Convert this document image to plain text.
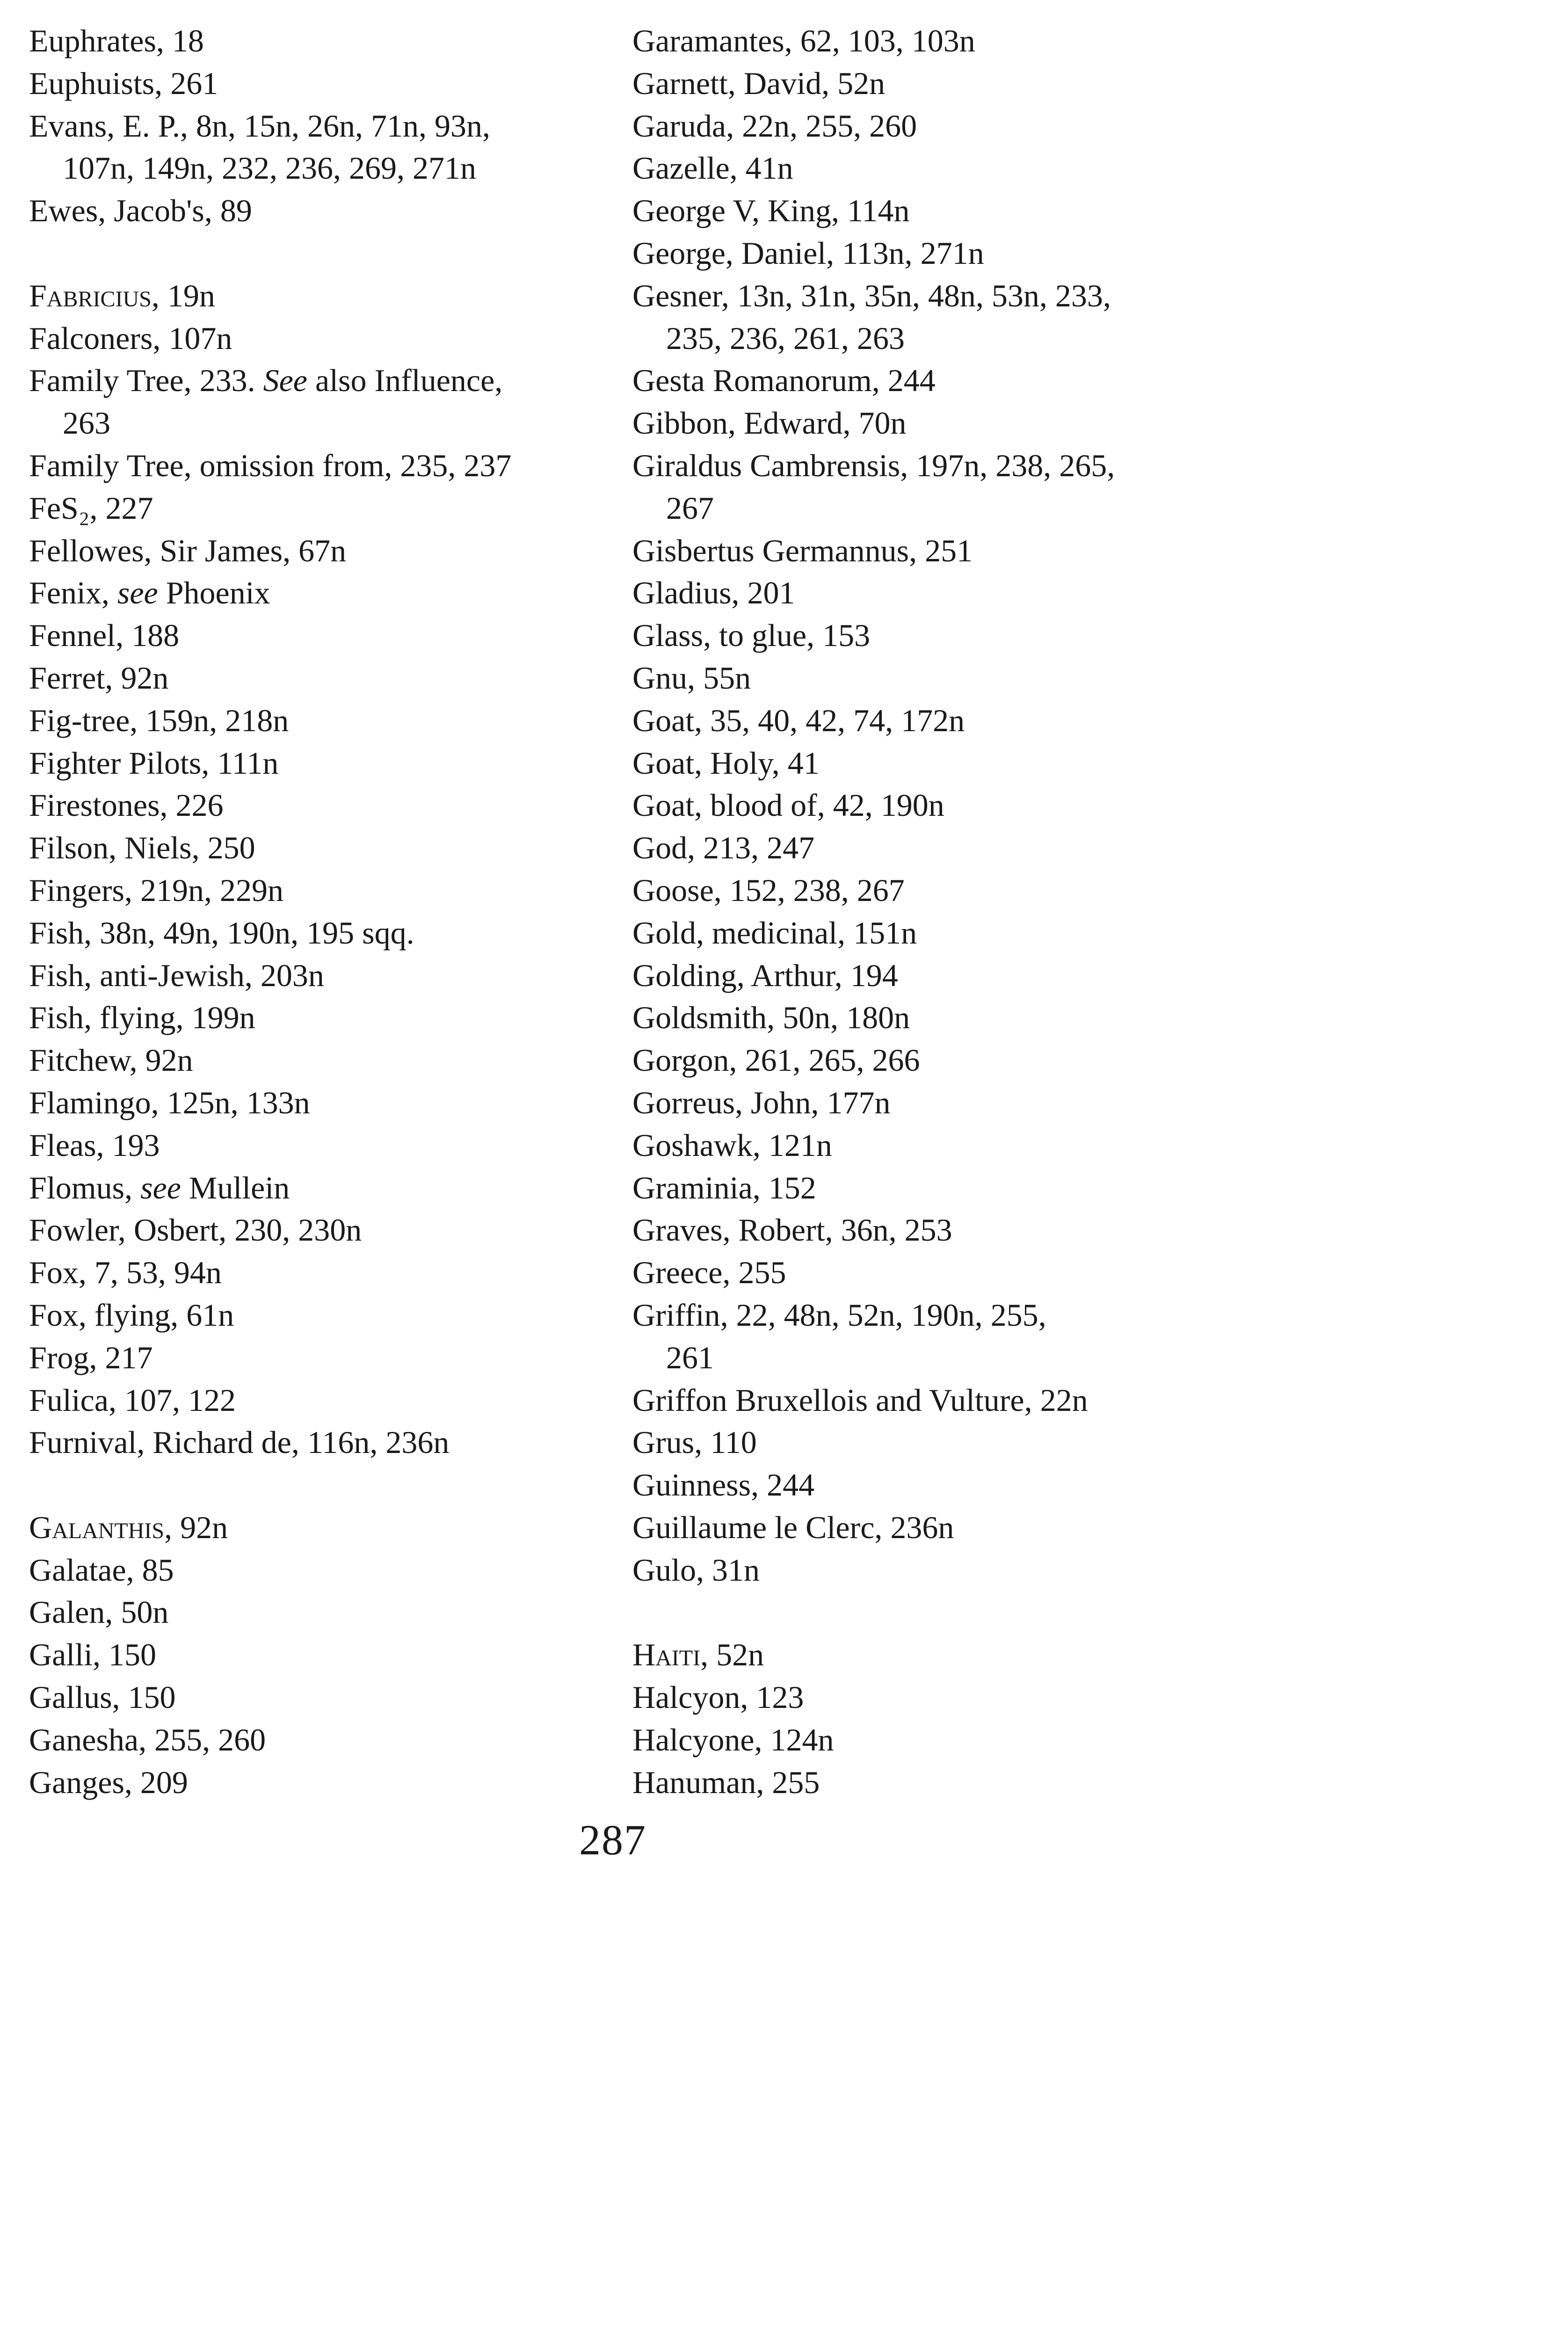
Euphrates, 18
Euphuists, 261
Evans, E. P., 8n, 15n, 26n, 71n, 93n,
107n, 149n, 232, 236, 269, 271n
Ewes, Jacob's, 89
Fabricius, 19n
Falconers, 107n
Family Tree, 233. See also Influence,
263
Family Tree, omission from, 235, 237
FeS₂, 227
Fellowes, Sir James, 67n
Fenix, see Phoenix
Fennel, 188
Ferret, 92n
Fig-tree, 159n, 218n
Fighter Pilots, 111n
Firestones, 226
Filson, Niels, 250
Fingers, 219n, 229n
Fish, 38n, 49n, 190n, 195 sqq.
Fish, anti-Jewish, 203n
Fish, flying, 199n
Fitchew, 92n
Flamingo, 125n, 133n
Fleas, 193
Flomus, see Mullein
Fowler, Osbert, 230, 230n
Fox, 7, 53, 94n
Fox, flying, 61n
Frog, 217
Fulica, 107, 122
Furnival, Richard de, 116n, 236n
Galanthis, 92n
Galatae, 85
Galen, 50n
Galli, 150
Gallus, 150
Ganesha, 255, 260
Ganges, 209
Garamantes, 62, 103, 103n
Garnett, David, 52n
Garuda, 22n, 255, 260
Gazelle, 41n
George V, King, 114n
George, Daniel, 113n, 271n
Gesner, 13n, 31n, 35n, 48n, 53n, 233,
235, 236, 261, 263
Gesta Romanorum, 244
Gibbon, Edward, 70n
Giraldus Cambrensis, 197n, 238, 265,
267
Gisbertus Germannus, 251
Gladius, 201
Glass, to glue, 153
Gnu, 55n
Goat, 35, 40, 42, 74, 172n
Goat, Holy, 41
Goat, blood of, 42, 190n
God, 213, 247
Goose, 152, 238, 267
Gold, medicinal, 151n
Golding, Arthur, 194
Goldsmith, 50n, 180n
Gorgon, 261, 265, 266
Gorreus, John, 177n
Goshawk, 121n
Graminia, 152
Graves, Robert, 36n, 253
Greece, 255
Griffin, 22, 48n, 52n, 190n, 255,
261
Griffon Bruxellois and Vulture, 22n
Grus, 110
Guinness, 244
Guillaume le Clerc, 236n
Gulo, 31n
Haiti, 52n
Halcyon, 123
Halcyone, 124n
Hanuman, 255
287
